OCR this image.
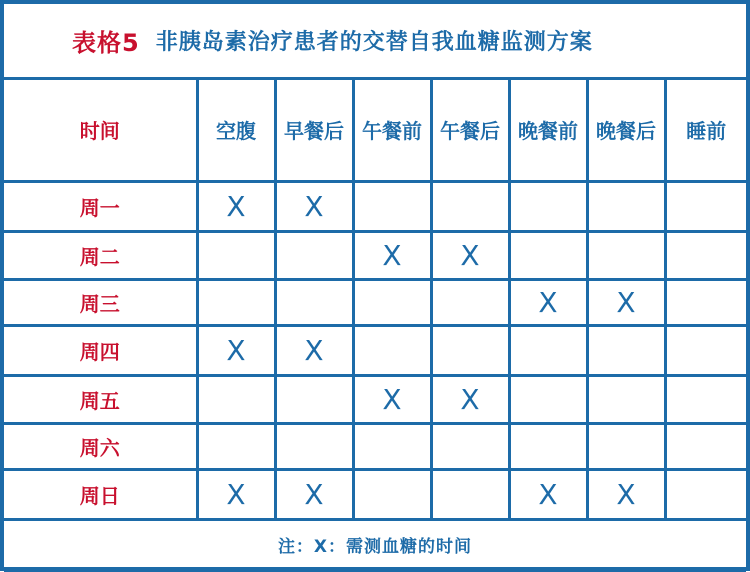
表格5 非胰岛素治疗患者的交替自我血糖监测方案
时间	空腹	早餐后	午餐前	午餐后	晚餐前	晚餐后	睡前
周一	X	X					
周二			X	X			
周三					X	X	
周四	X	X					
周五			X	X			
周六							
周日	X	X			X	X	
注：X：需测血糖的时间							
